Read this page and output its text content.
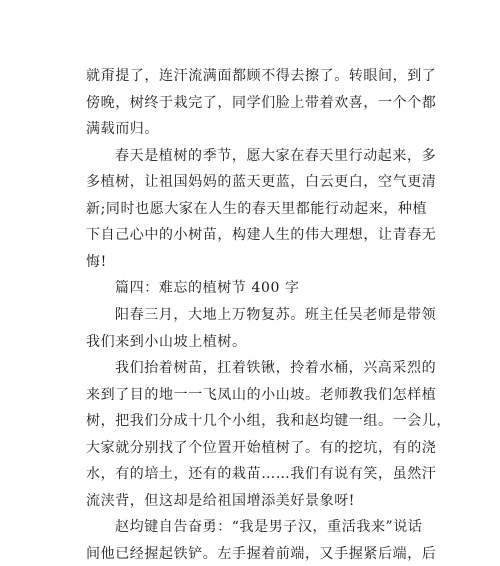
就甭提了，连汗流满面都顾不得去擦了。转眼间，到了
傍晚，树终于栽完了，同学们脸上带着欢喜，一个个都
满载而归。
春天是植树的季节，愿大家在春天里行动起来，多
多植树，让祖国妈妈的蓝天更蓝，白云更白，空气更清
新;同时也愿大家在人生的春天里都能行动起来，种植
下自己心中的小树苗，构建人生的伟大理想，让青春无
悔!
篇四：难忘的植树节 400 字
阳春三月，大地上万物复苏。班主任吴老师是带领
我们来到小山坡上植树。
我们抬着树苗，扛着铁锹，拎着水桶，兴高采烈的
来到了目的地一一飞凤山的小山坡。老师教我们怎样植
树，把我们分成十几个小组，我和赵均键一组。一会儿，
大家就分别找了个位置开始植树了。有的挖坑，有的浇
水，有的培土，还有的栽苗……我们有说有笑，虽然汗
流浃背，但这却是给祖国增添美好景象呀!
赵均键自告奋勇：“我是男子汉，重活我来”说话
间他已经握起铁铲。左手握着前端，又手握紧后端，后
